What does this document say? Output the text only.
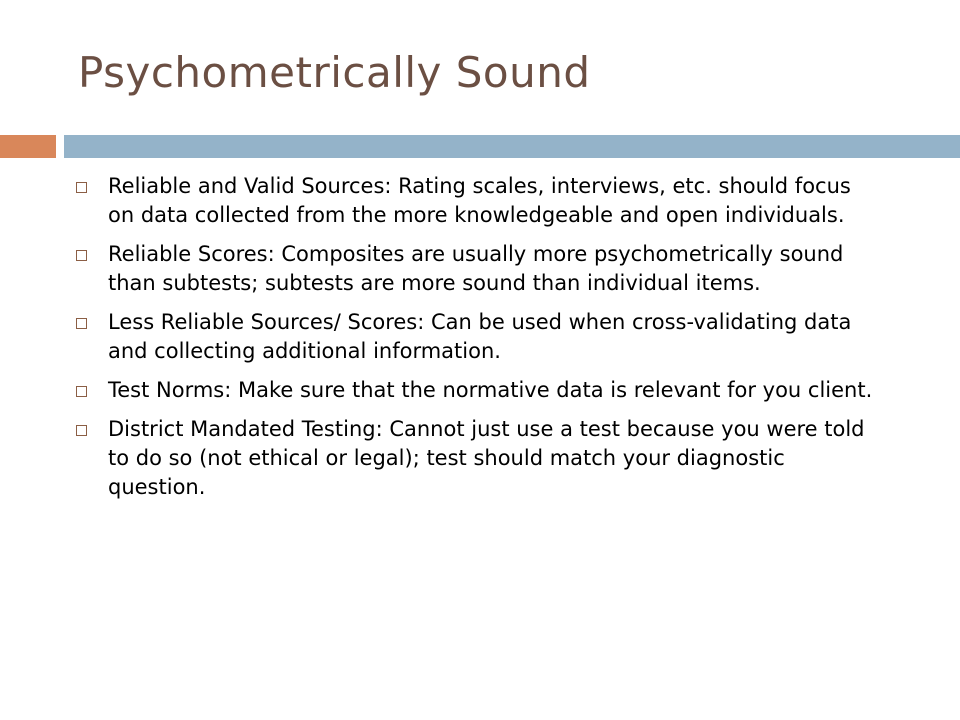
Psychometrically Sound
Reliable and Valid Sources: Rating scales, interviews, etc. should focus on data collected from the more knowledgeable and open individuals.
Reliable Scores: Composites are usually more psychometrically sound than subtests; subtests are more sound than individual items.
Less Reliable Sources/ Scores: Can be used when cross-validating data and collecting additional information.
Test Norms: Make sure that the normative data is relevant for you client.
District Mandated Testing: Cannot just use a test because you were told to do so (not ethical or legal); test should match your diagnostic question.
